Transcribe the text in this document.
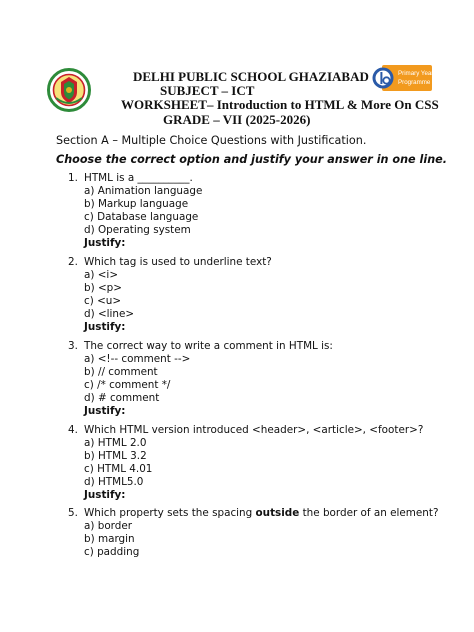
Primary Years
Programme
DELHI PUBLIC SCHOOL GHAZIABAD
SUBJECT – ICT
WORKSHEET– Introduction to HTML & More On CSS
GRADE – VII (2025-2026)
Section A – Multiple Choice Questions with Justification.
Choose the correct option and justify your answer in one line.
1. HTML is a __________.
a) Animation language
b) Markup language
c) Database language
d) Operating system
Justify:
2. Which tag is used to underline text?
a) <i>
b) <p>
c) <u>
d) <line>
Justify:
3. The correct way to write a comment in HTML is:
a) <!-- comment -->
b) // comment
c) /* comment */
d) # comment
Justify:
4. Which HTML version introduced <header>, <article>, <footer>?
a) HTML 2.0
b) HTML 3.2
c) HTML 4.01
d) HTML5.0
Justify:
5. Which property sets the spacing outside the border of an element?
a) border
b) margin
c) padding
